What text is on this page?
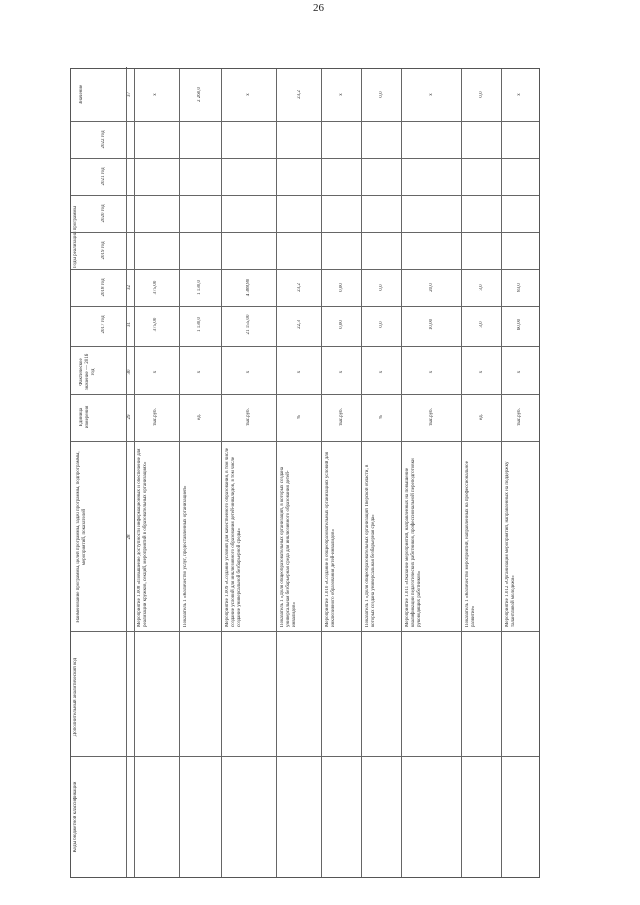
26
Коды бюджетной классификации
Дополнительный аналитический код
Наименование программы, целей программы, задач программы, подпрограммы, мероприятий, показателей
Единица измерения
Фактическое значение — 2016 год
Годы реализации программы
2017 год
2018 год
2019 год
2020 год
2021 год
2022 год
Значение
28
29
30
31
32
37
Мероприятие 1.008 «Повышение доступности информационных и обеспечение для реализации кружков, секций, мероприятий в образовательных организациях»
тыс.руб.
х
375,00
375,00
х
Показатель 1 «Количество услуг, предоставленных организацией»
ед.
х
1 130,0
1 130,0
2 260,0
Мероприятие 1.009 «Создание условий для качественного образования, в том числе создание условий для инклюзивного образования детей-инвалидов, в том числе создание универсальной безбарьерной среды»
тыс.руб.
х
21 155,00
4 388,80
х
Показатель 1 «Доля общеобразовательных организаций, в которых создана универсальная безбарьерная среда для инклюзивного образования детей-инвалидов»
%
х
22,3
23,2
23,2
Мероприятие 1.010 «Создание в общеобразовательных организациях условий для инклюзивного образования детей-инвалидов»
тыс.руб.
х
0,00
0,00
х
Показатель 1 «Доля общеобразовательных организаций Тверской области, в которых создана универсальная безбарьерная среда»
%
х
0,0
0,0
0,0
Мероприятие 1.011 «Оказание мероприятий, направленных на повышение квалификации педагогических работников, профессиональной переподготовки руководящих работников»
тыс.руб.
х
10,00
20,0
х
Показатель 1 «Количество мероприятий, направленных на профессиональное развитие»
ед.
х
3,0
3,0
0,0
Мероприятие 1.012 «Организация мероприятий, направленных на поддержку талантливой молодежи»
тыс.руб.
х
60,00
83,0
х
